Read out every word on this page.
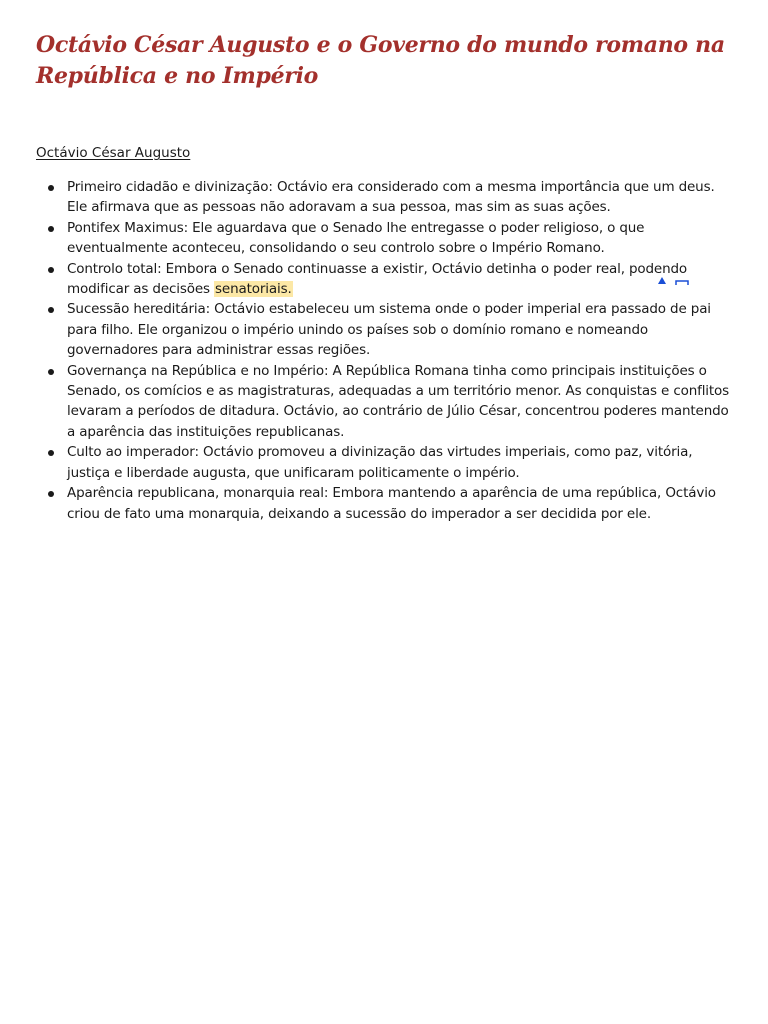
Octávio César Augusto e o Governo do mundo romano na República e no Império
Octávio César Augusto
Primeiro cidadão e divinização: Octávio era considerado com a mesma importância que um deus. Ele afirmava que as pessoas não adoravam a sua pessoa, mas sim as suas ações.
Pontifex Maximus: Ele aguardava que o Senado lhe entregasse o poder religioso, o que eventualmente aconteceu, consolidando o seu controlo sobre o Império Romano.
Controlo total: Embora o Senado continuasse a existir, Octávio detinha o poder real, podendo modificar as decisões senatoriais.
Sucessão hereditária: Octávio estabeleceu um sistema onde o poder imperial era passado de pai para filho. Ele organizou o império unindo os países sob o domínio romano e nomeando governadores para administrar essas regiões.
Governança na República e no Império: A República Romana tinha como principais instituições o Senado, os comícios e as magistraturas, adequadas a um território menor. As conquistas e conflitos levaram a períodos de ditadura. Octávio, ao contrário de Júlio César, concentrou poderes mantendo a aparência das instituições republicanas.
Culto ao imperador: Octávio promoveu a divinização das virtudes imperiais, como paz, vitória, justiça e liberdade augusta, que unificaram politicamente o império.
Aparência republicana, monarquia real: Embora mantendo a aparência de uma república, Octávio criou de fato uma monarquia, deixando a sucessão do imperador a ser decidida por ele.
